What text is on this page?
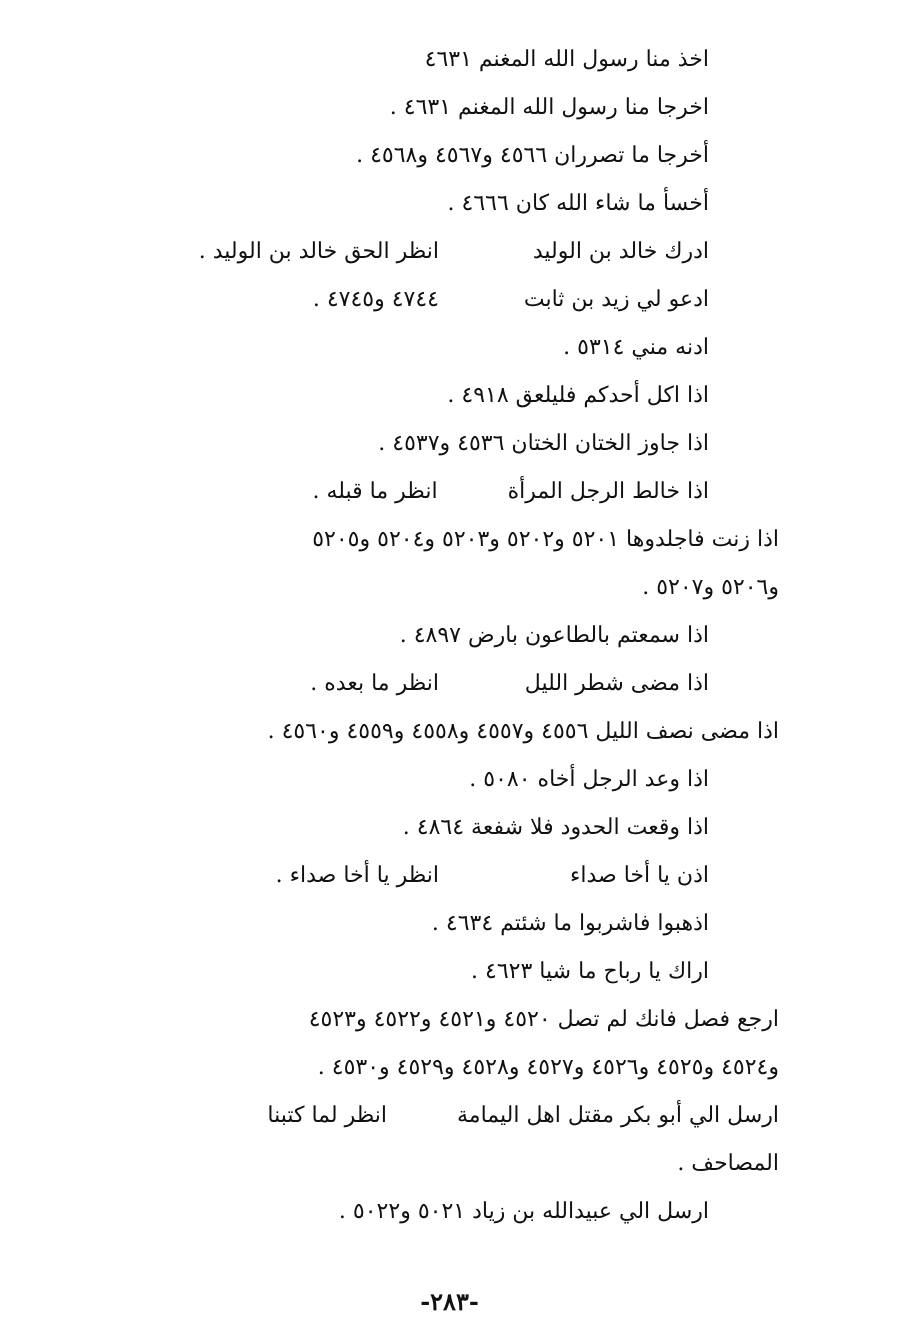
اخذ منا رسول الله المغنم ٤٦٣١
اخرجا منا رسول الله المغنم ٤٦٣١ .
أخرجا ما تصرران ٤٥٦٦ و٤٥٦٧ و٤٥٦٨ .
أخسأ ما شاء الله كان ٤٦٦٦ .
ادرك خالد بن الوليدانظر الحق خالد بن الوليد .
ادعو لي زيد بن ثابت٤٧٤٤ و٤٧٤٥ .
ادنه مني ٥٣١٤ .
اذا اكل أحدكم فليلعق ٤٩١٨ .
اذا جاوز الختان الختان ٤٥٣٦ و٤٥٣٧ .
اذا خالط الرجل المرأةانظر ما قبله .
اذا زنت فاجلدوها ٥٢٠١ و٥٢٠٢ و٥٢٠٣ و٥٢٠٤ و٥٢٠٥
و٥٢٠٦ و٥٢٠٧ .
اذا سمعتم بالطاعون بارض ٤٨٩٧ .
اذا مضى شطر الليلانظر ما بعده .
اذا مضى نصف الليل ٤٥٥٦ و٤٥٥٧ و٤٥٥٨ و٤٥٥٩ و٤٥٦٠ .
اذا وعد الرجل أخاه ٥٠٨٠ .
اذا وقعت الحدود فلا شفعة ٤٨٦٤ .
اذن يا أخا صداءانظر يا أخا صداء .
اذهبوا فاشربوا ما شئتم ٤٦٣٤ .
اراك يا رباح ما شيا ٤٦٢٣ .
ارجع فصل فانك لم تصل ٤٥٢٠ و٤٥٢١ و٤٥٢٢ و٤٥٢٣
و٤٥٢٤ و٤٥٢٥ و٤٥٢٦ و٤٥٢٧ و٤٥٢٨ و٤٥٢٩ و٤٥٣٠ .
ارسل الي أبو بكر مقتل اهل اليمامةانظر لما كتبنا
المصاحف .
ارسل الي عبيدالله بن زياد ٥٠٢١ و٥٠٢٢ .
-٢٨٣-
